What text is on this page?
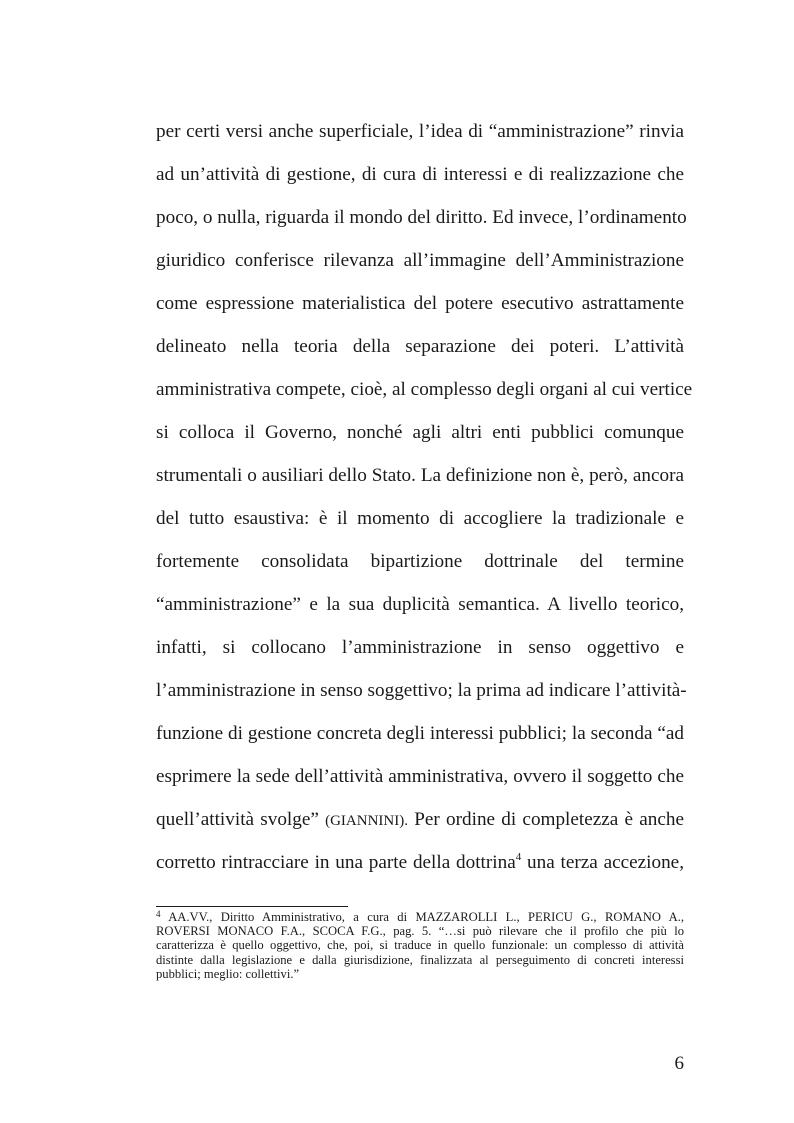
per certi versi anche superficiale, l’idea di “amministrazione” rinvia
ad un’attività di gestione, di cura di interessi e di realizzazione che
poco, o nulla, riguarda il mondo del diritto. Ed invece, l’ordinamento
giuridico conferisce rilevanza all’immagine dell’Amministrazione
come espressione materialistica del potere esecutivo astrattamente
delineato nella teoria della separazione dei poteri. L’attività
amministrativa compete, cioè, al complesso degli organi al cui vertice
si colloca il Governo, nonché agli altri enti pubblici comunque
strumentali o ausiliari dello Stato. La definizione non è, però, ancora
del tutto esaustiva: è il momento di accogliere la tradizionale e
fortemente consolidata bipartizione dottrinale del termine
“amministrazione” e la sua duplicità semantica. A livello teorico,
infatti, si collocano l’amministrazione in senso oggettivo e
l’amministrazione in senso soggettivo; la prima ad indicare l’attività-
funzione di gestione concreta degli interessi pubblici; la seconda “ad
esprimere la sede dell’attività amministrativa, ovvero il soggetto che
quell’attività svolge” (GIANNINI). Per ordine di completezza è anche
corretto rintracciare in una parte della dottrina$^4$ una terza accezione,
$^4$ AA.VV., Diritto Amministrativo, a cura di MAZZAROLLI L., PERICU G., ROMANO A.,
ROVERSI MONACO F.A., SCOCA F.G., pag. 5. “…si può rilevare che il profilo che più lo
caratterizza è quello oggettivo, che, poi, si traduce in quello funzionale: un complesso di attività
distinte dalla legislazione e dalla giurisdizione, finalizzata al perseguimento di concreti interessi
pubblici; meglio: collettivi.”

6
